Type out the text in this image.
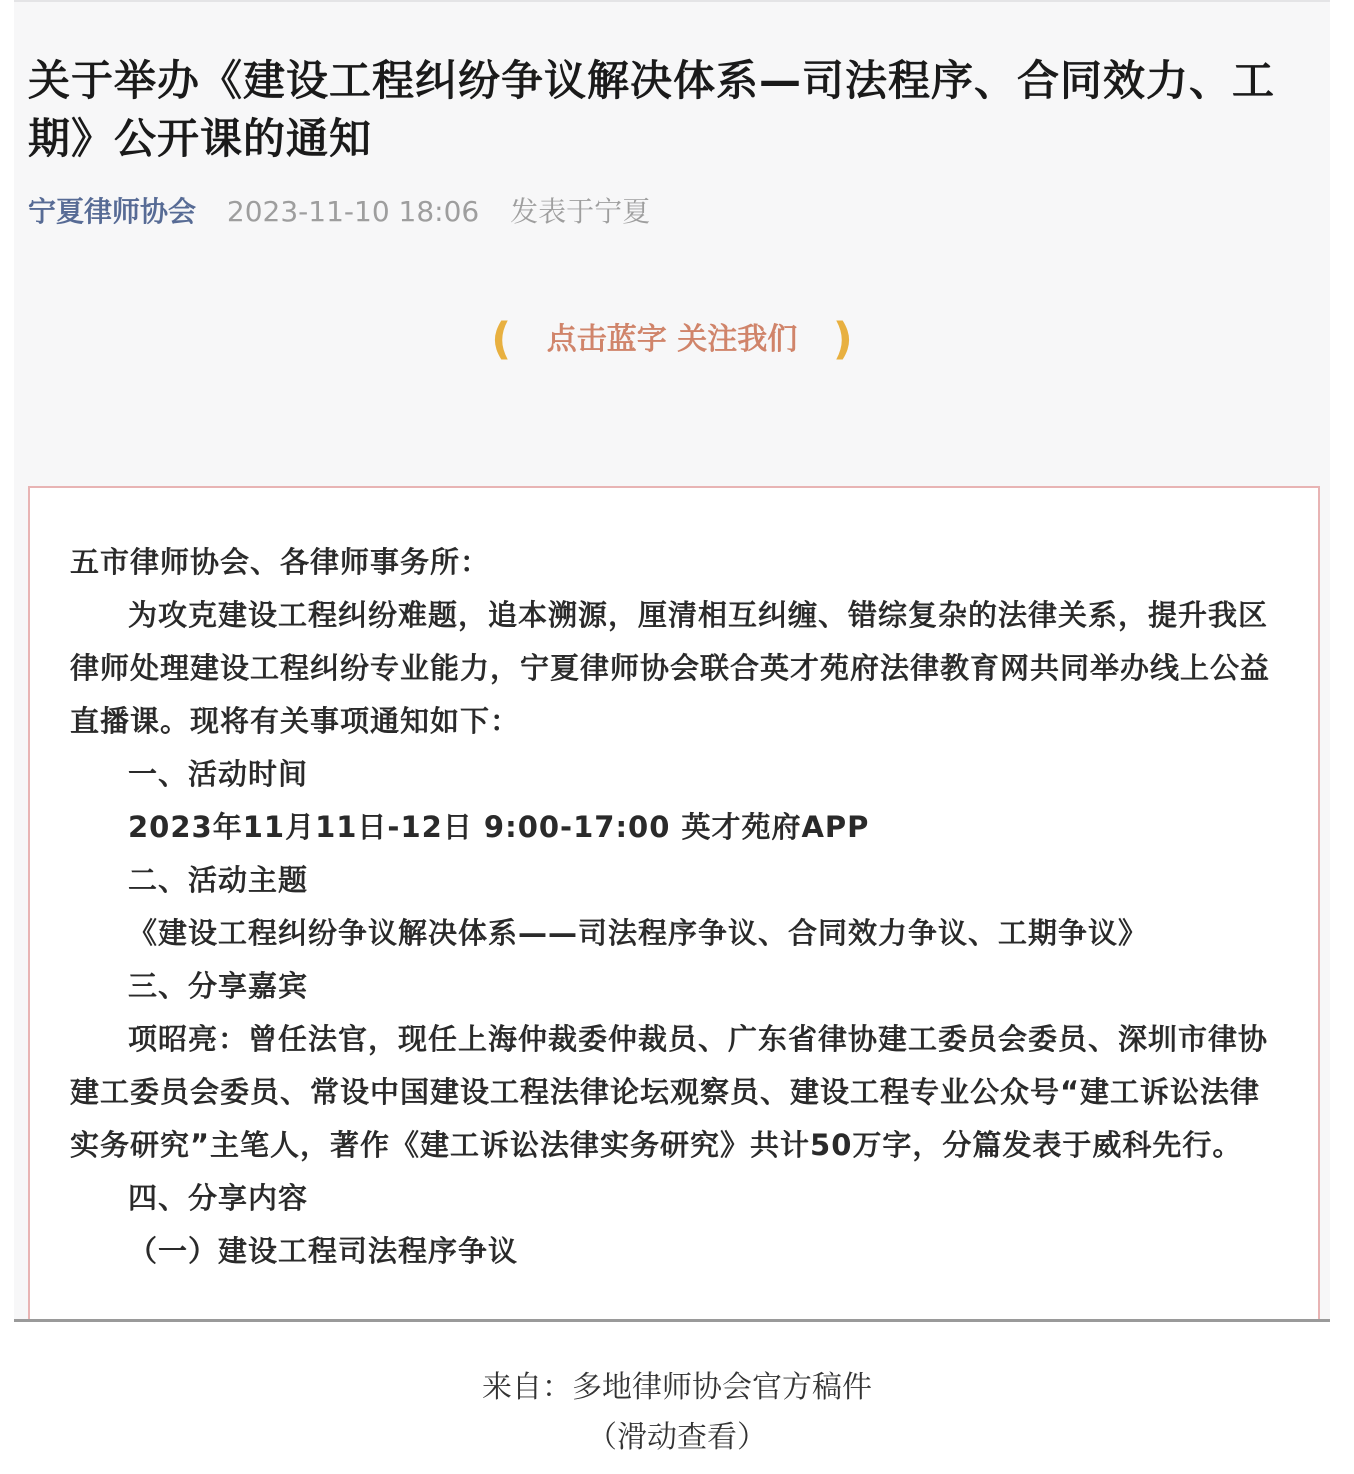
关于举办《建设工程纠纷争议解决体系—司法程序、合同效力、工期》公开课的通知
宁夏律师协会 2023-11-10 18:06 发表于宁夏
( 点击蓝字 关注我们 )

五市律师协会、各律师事务所：

为攻克建设工程纠纷难题，追本溯源，厘清相互纠缠、错综复杂的法律关系，提升我区律师处理建设工程纠纷专业能力，宁夏律师协会联合英才苑府法律教育网共同举办线上公益直播课。现将有关事项通知如下：

一、活动时间

2023年11月11日-12日 9:00-17:00 英才苑府APP

二、活动主题

《建设工程纠纷争议解决体系——司法程序争议、合同效力争议、工期争议》

三、分享嘉宾

项昭亮：曾任法官，现任上海仲裁委仲裁员、广东省律协建工委员会委员、深圳市律协建工委员会委员、常设中国建设工程法律论坛观察员、建设工程专业公众号“建工诉讼法律实务研究”主笔人，著作《建工诉讼法律实务研究》共计50万字，分篇发表于威科先行。

四、分享内容

（一）建设工程司法程序争议

来自：多地律师协会官方稿件
（滑动查看）
